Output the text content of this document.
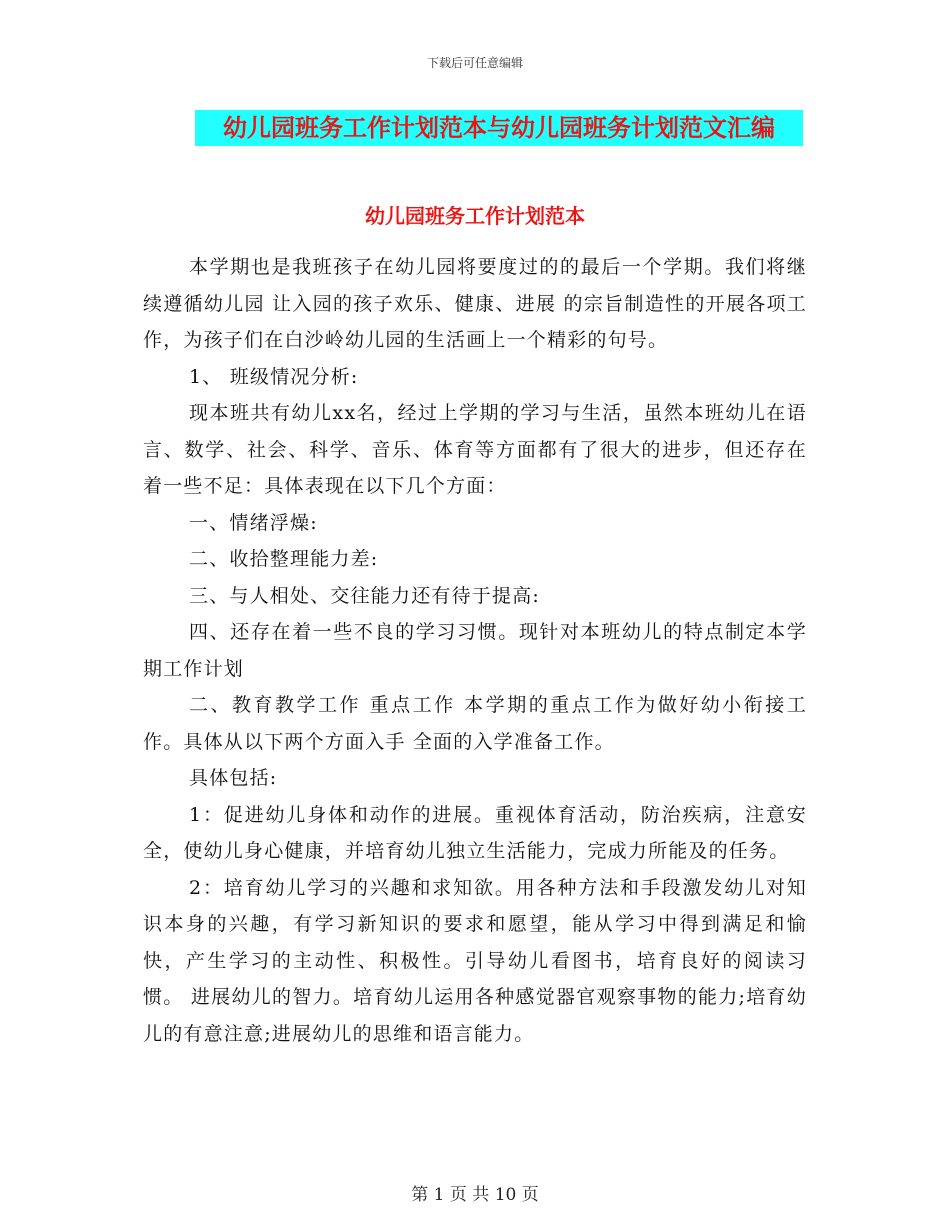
下载后可任意编辑
幼儿园班务工作计划范本与幼儿园班务计划范文汇编
幼儿园班务工作计划范本

本学期也是我班孩子在幼儿园将要度过的的最后一个学期。我们将继续遵循幼儿园 让入园的孩子欢乐、健康、进展 的宗旨制造性的开展各项工作，为孩子们在白沙岭幼儿园的生活画上一个精彩的句号。

1、 班级情况分析:

现本班共有幼儿xx名，经过上学期的学习与生活，虽然本班幼儿在语言、数学、社会、科学、音乐、体育等方面都有了很大的进步，但还存在着一些不足：具体表现在以下几个方面：

一、情绪浮燥:

二、收拾整理能力差:

三、与人相处、交往能力还有待于提高:

四、还存在着一些不良的学习习惯。现针对本班幼儿的特点制定本学期工作计划

二、教育教学工作 重点工作 本学期的重点工作为做好幼小衔接工作。具体从以下两个方面入手 全面的入学准备工作。

具体包括:

1：促进幼儿身体和动作的进展。重视体育活动，防治疾病，注意安全，使幼儿身心健康，并培育幼儿独立生活能力，完成力所能及的任务。

2：培育幼儿学习的兴趣和求知欲。用各种方法和手段激发幼儿对知识本身的兴趣，有学习新知识的要求和愿望，能从学习中得到满足和愉快，产生学习的主动性、积极性。引导幼儿看图书，培育良好的阅读习惯。 进展幼儿的智力。培育幼儿运用各种感觉器官观察事物的能力;培育幼儿的有意注意;进展幼儿的思维和语言能力。

第 1 页 共 10 页
